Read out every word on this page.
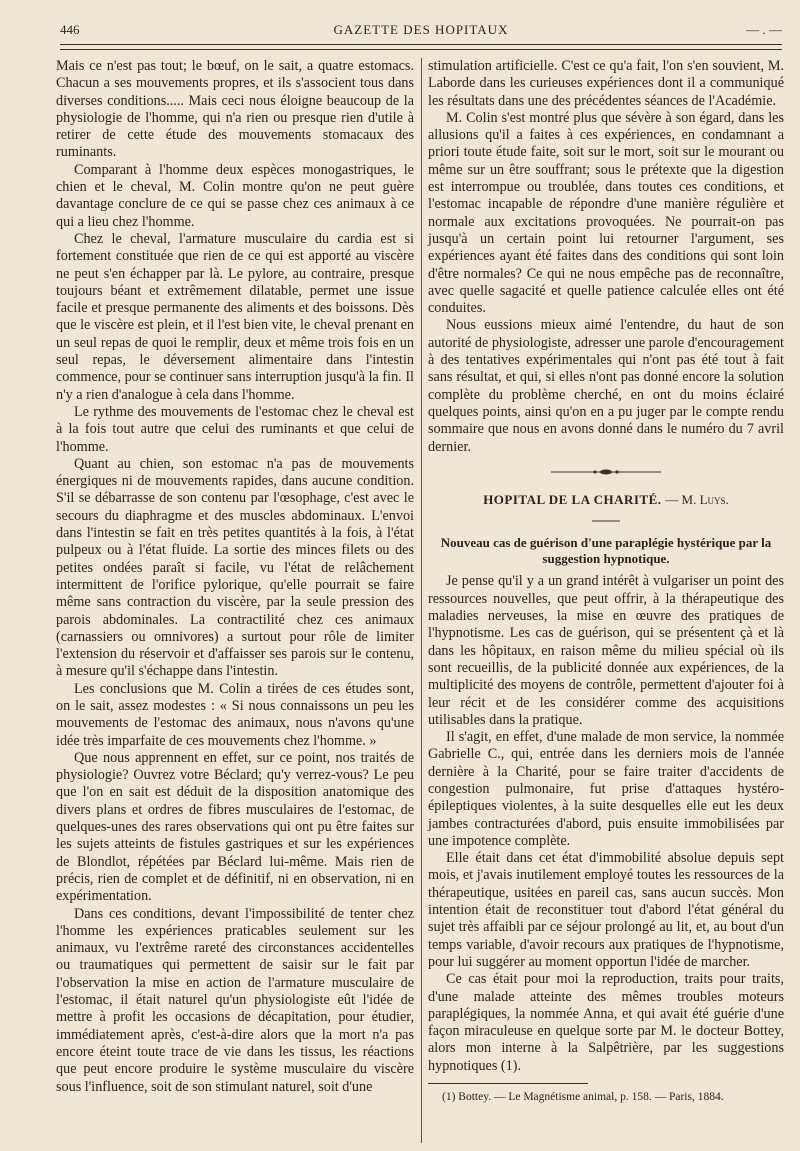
446	GAZETTE DES HOPITAUX	— . —

Mais ce n'est pas tout; le bœuf, on le sait, a quatre estomacs. Chacun a ses mouvements propres, et ils s'associent tous dans diverses conditions..... Mais ceci nous éloigne beaucoup de la physiologie de l'homme, qui n'a rien ou presque rien d'utile à retirer de cette étude des mouvements stomacaux des ruminants.

Comparant à l'homme deux espèces monogastriques, le chien et le cheval, M. Colin montre qu'on ne peut guère davantage conclure de ce qui se passe chez ces animaux à ce qui a lieu chez l'homme.

Chez le cheval, l'armature musculaire du cardia est si fortement constituée que rien de ce qui est apporté au viscère ne peut s'en échapper par là. Le pylore, au contraire, presque toujours béant et extrêmement dilatable, permet une issue facile et presque permanente des aliments et des boissons. Dès que le viscère est plein, et il l'est bien vite, le cheval prenant en un seul repas de quoi le remplir, deux et même trois fois en un seul repas, le déversement alimentaire dans l'intestin commence, pour se continuer sans interruption jusqu'à la fin. Il n'y a rien d'analogue à cela dans l'homme.

Le rythme des mouvements de l'estomac chez le cheval est à la fois tout autre que celui des ruminants et que celui de l'homme.

Quant au chien, son estomac n'a pas de mouvements énergiques ni de mouvements rapides, dans aucune condition. S'il se débarrasse de son contenu par l'œsophage, c'est avec le secours du diaphragme et des muscles abdominaux. L'envoi dans l'intestin se fait en très petites quantités à la fois, à l'état pulpeux ou à l'état fluide. La sortie des minces filets ou des petites ondées paraît si facile, vu l'état de relâchement intermittent de l'orifice pylorique, qu'elle pourrait se faire même sans contraction du viscère, par la seule pression des parois abdominales. La contractilité chez ces animaux (carnassiers ou omnivores) a surtout pour rôle de limiter l'extension du réservoir et d'affaisser ses parois sur le contenu, à mesure qu'il s'échappe dans l'intestin.

Les conclusions que M. Colin a tirées de ces études sont, on le sait, assez modestes : « Si nous connaissons un peu les mouvements de l'estomac des animaux, nous n'avons qu'une idée très imparfaite de ces mouvements chez l'homme. »

Que nous apprennent en effet, sur ce point, nos traités de physiologie? Ouvrez votre Béclard; qu'y verrez-vous? Le peu que l'on en sait est déduit de la disposition anatomique des divers plans et ordres de fibres musculaires de l'estomac, de quelques-unes des rares observations qui ont pu être faites sur les sujets atteints de fistules gastriques et sur les expériences de Blondlot, répétées par Béclard lui-même. Mais rien de précis, rien de complet et de définitif, ni en observation, ni en expérimentation.

Dans ces conditions, devant l'impossibilité de tenter chez l'homme les expériences praticables seulement sur les animaux, vu l'extrême rareté des circonstances accidentelles ou traumatiques qui permettent de saisir sur le fait par l'observation la mise en action de l'armature musculaire de l'estomac, il était naturel qu'un physiologiste eût l'idée de mettre à profit les occasions de décapitation, pour étudier, immédiatement après, c'est-à-dire alors que la mort n'a pas encore éteint toute trace de vie dans les tissus, les réactions que peut encore produire le système musculaire du viscère sous l'influence, soit de son stimulant naturel, soit d'une

stimulation artificielle. C'est ce qu'a fait, l'on s'en souvient, M. Laborde dans les curieuses expériences dont il a communiqué les résultats dans une des précédentes séances de l'Académie.

M. Colin s'est montré plus que sévère à son égard, dans les allusions qu'il a faites à ces expériences, en condamnant a priori toute étude faite, soit sur le mort, soit sur le mourant ou même sur un être souffrant; sous le prétexte que la digestion est interrompue ou troublée, dans toutes ces conditions, et l'estomac incapable de répondre d'une manière régulière et normale aux excitations provoquées. Ne pourrait-on pas jusqu'à un certain point lui retourner l'argument, ses expériences ayant été faites dans des conditions qui sont loin d'être normales? Ce qui ne nous empêche pas de reconnaître, avec quelle sagacité et quelle patience calculée elles ont été conduites.

Nous eussions mieux aimé l'entendre, du haut de son autorité de physiologiste, adresser une parole d'encouragement à des tentatives expérimentales qui n'ont pas été tout à fait sans résultat, et qui, si elles n'ont pas donné encore la solution complète du problème cherché, en ont du moins éclairé quelques points, ainsi qu'on en a pu juger par le compte rendu sommaire que nous en avons donné dans le numéro du 7 avril dernier.

HOPITAL DE LA CHARITÉ. — M. Luys.
Nouveau cas de guérison d'une paraplégie hystérique par la suggestion hypnotique.

Je pense qu'il y a un grand intérêt à vulgariser un point des ressources nouvelles, que peut offrir, à la thérapeutique des maladies nerveuses, la mise en œuvre des pratiques de l'hypnotisme. Les cas de guérison, qui se présentent çà et là dans les hôpitaux, en raison même du milieu spécial où ils sont recueillis, de la publicité donnée aux expériences, de la multiplicité des moyens de contrôle, permettent d'ajouter foi à leur récit et de les considérer comme des acquisitions utilisables dans la pratique.

Il s'agit, en effet, d'une malade de mon service, la nommée Gabrielle C., qui, entrée dans les derniers mois de l'année dernière à la Charité, pour se faire traiter d'accidents de congestion pulmonaire, fut prise d'attaques hystéro-épileptiques violentes, à la suite desquelles elle eut les deux jambes contracturées d'abord, puis ensuite immobilisées par une impotence complète.

Elle était dans cet état d'immobilité absolue depuis sept mois, et j'avais inutilement employé toutes les ressources de la thérapeutique, usitées en pareil cas, sans aucun succès. Mon intention était de reconstituer tout d'abord l'état général du sujet très affaibli par ce séjour prolongé au lit, et, au bout d'un temps variable, d'avoir recours aux pratiques de l'hypnotisme, pour lui suggérer au moment opportun l'idée de marcher.

Ce cas était pour moi la reproduction, traits pour traits, d'une malade atteinte des mêmes troubles moteurs paraplégiques, la nommée Anna, et qui avait été guérie d'une façon miraculeuse en quelque sorte par M. le docteur Bottey, alors mon interne à la Salpêtrière, par les suggestions hypnotiques (1).

(1) Bottey. — Le Magnétisme animal, p. 158. — Paris, 1884.
